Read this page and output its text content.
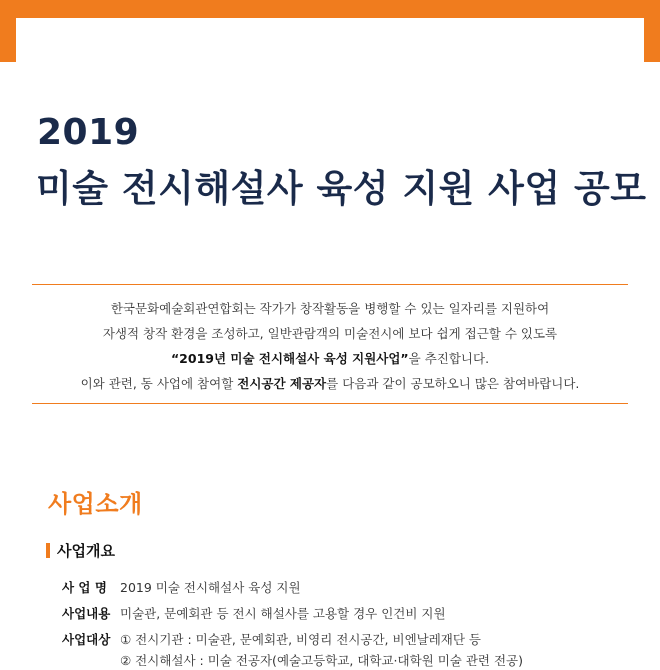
2019
미술 전시해설사 육성 지원 사업 공모
한국문화예술회관연합회는 작가가 창작활동을 병행할 수 있는 일자리를 지원하여
자생적 창작 환경을 조성하고, 일반관람객의 미술전시에 보다 쉽게 접근할 수 있도록
“2019년 미술 전시해설사 육성 지원사업”을 추진합니다.
이와 관련, 동 사업에 참여할 전시공간 제공자를 다음과 같이 공모하오니 많은 참여바랍니다.
사업소개
사업개요
사 업 명	2019 미술 전시해설사 육성 지원
사업내용 미술관, 문예회관 등 전시 해설사를 고용할 경우 인건비 지원
사업대상 ① 전시기관 : 미술관, 문예회관, 비영리 전시공간, 비엔날레재단 등
② 전시해설사 : 미술 전공자(예술고등학교, 대학교·대학원 미술 관련 전공)
